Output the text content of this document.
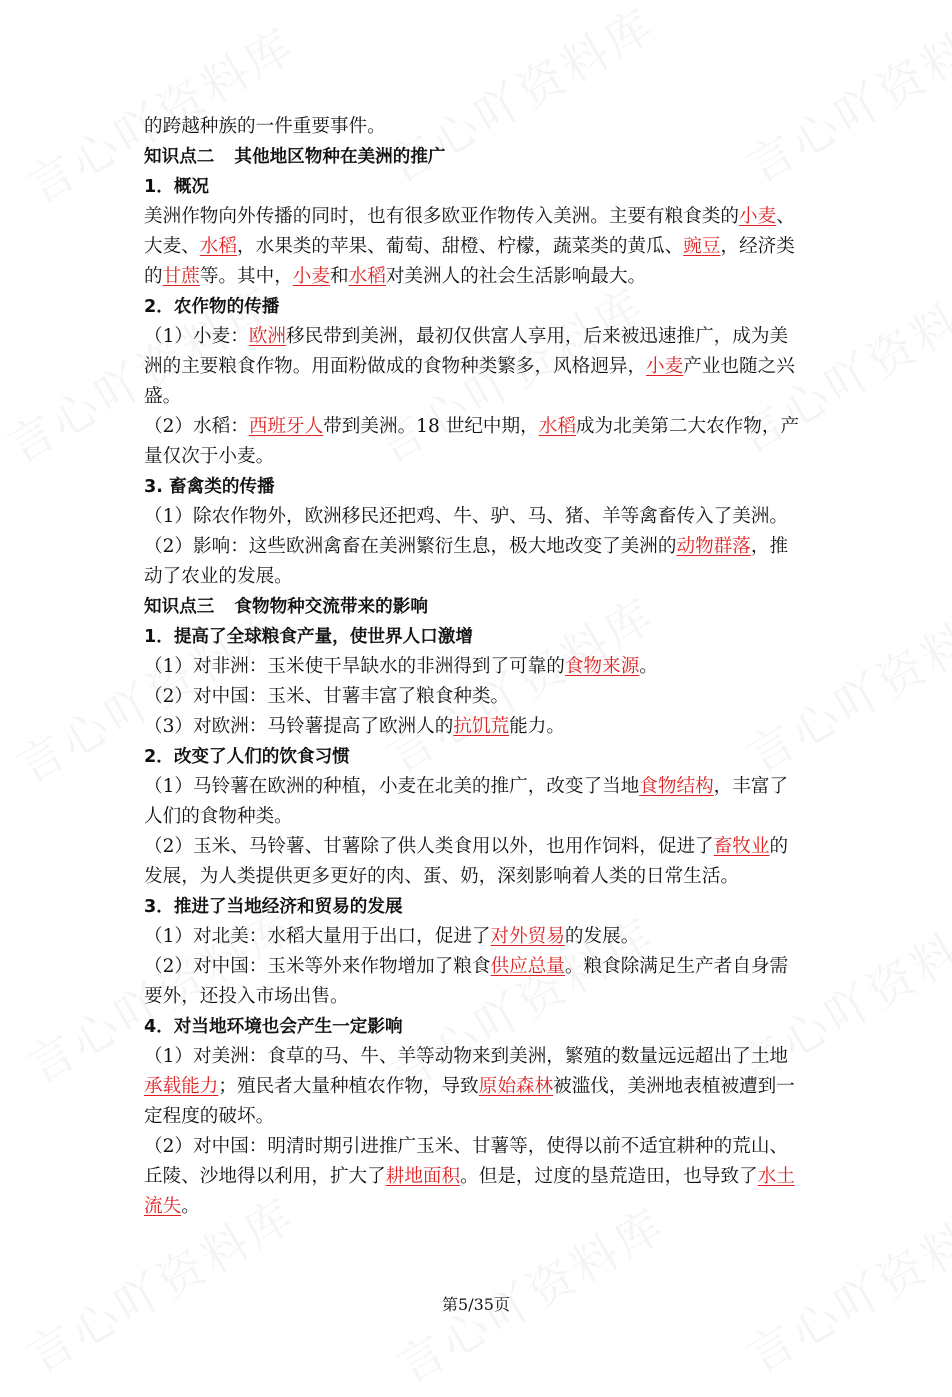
的跨越种族的一件重要事件。
知识点二 其他地区物种在美洲的推广
1．概况
美洲作物向外传播的同时，也有很多欧亚作物传入美洲。主要有粮食类的小麦、
大麦、水稻，水果类的苹果、葡萄、甜橙、柠檬，蔬菜类的黄瓜、豌豆，经济类
的甘蔗等。其中，小麦和水稻对美洲人的社会生活影响最大。
2．农作物的传播
（1）小麦：欧洲移民带到美洲，最初仅供富人享用，后来被迅速推广，成为美
洲的主要粮食作物。用面粉做成的食物种类繁多，风格迥异，小麦产业也随之兴
盛。
（2）水稻：西班牙人带到美洲。18 世纪中期，水稻成为北美第二大农作物，产
量仅次于小麦。
3. 畜禽类的传播
（1）除农作物外，欧洲移民还把鸡、牛、驴、马、猪、羊等禽畜传入了美洲。
（2）影响：这些欧洲禽畜在美洲繁衍生息，极大地改变了美洲的动物群落，推
动了农业的发展。
知识点三 食物物种交流带来的影响
1．提高了全球粮食产量，使世界人口激增
（1）对非洲：玉米使干旱缺水的非洲得到了可靠的食物来源。
（2）对中国：玉米、甘薯丰富了粮食种类。
（3）对欧洲：马铃薯提高了欧洲人的抗饥荒能力。
2．改变了人们的饮食习惯
（1）马铃薯在欧洲的种植，小麦在北美的推广，改变了当地食物结构，丰富了
人们的食物种类。
（2）玉米、马铃薯、甘薯除了供人类食用以外，也用作饲料，促进了畜牧业的
发展，为人类提供更多更好的肉、蛋、奶，深刻影响着人类的日常生活。
3．推进了当地经济和贸易的发展
（1）对北美：水稻大量用于出口，促进了对外贸易的发展。
（2）对中国：玉米等外来作物增加了粮食供应总量。粮食除满足生产者自身需
要外，还投入市场出售。
4．对当地环境也会产生一定影响
（1）对美洲：食草的马、牛、羊等动物来到美洲，繁殖的数量远远超出了土地
承载能力；殖民者大量种植农作物，导致原始森林被滥伐，美洲地表植被遭到一
定程度的破坏。
（2）对中国：明清时期引进推广玉米、甘薯等，使得以前不适宜耕种的荒山、
丘陵、沙地得以利用，扩大了耕地面积。但是，过度的垦荒造田，也导致了水土
流失。
第5/35页
